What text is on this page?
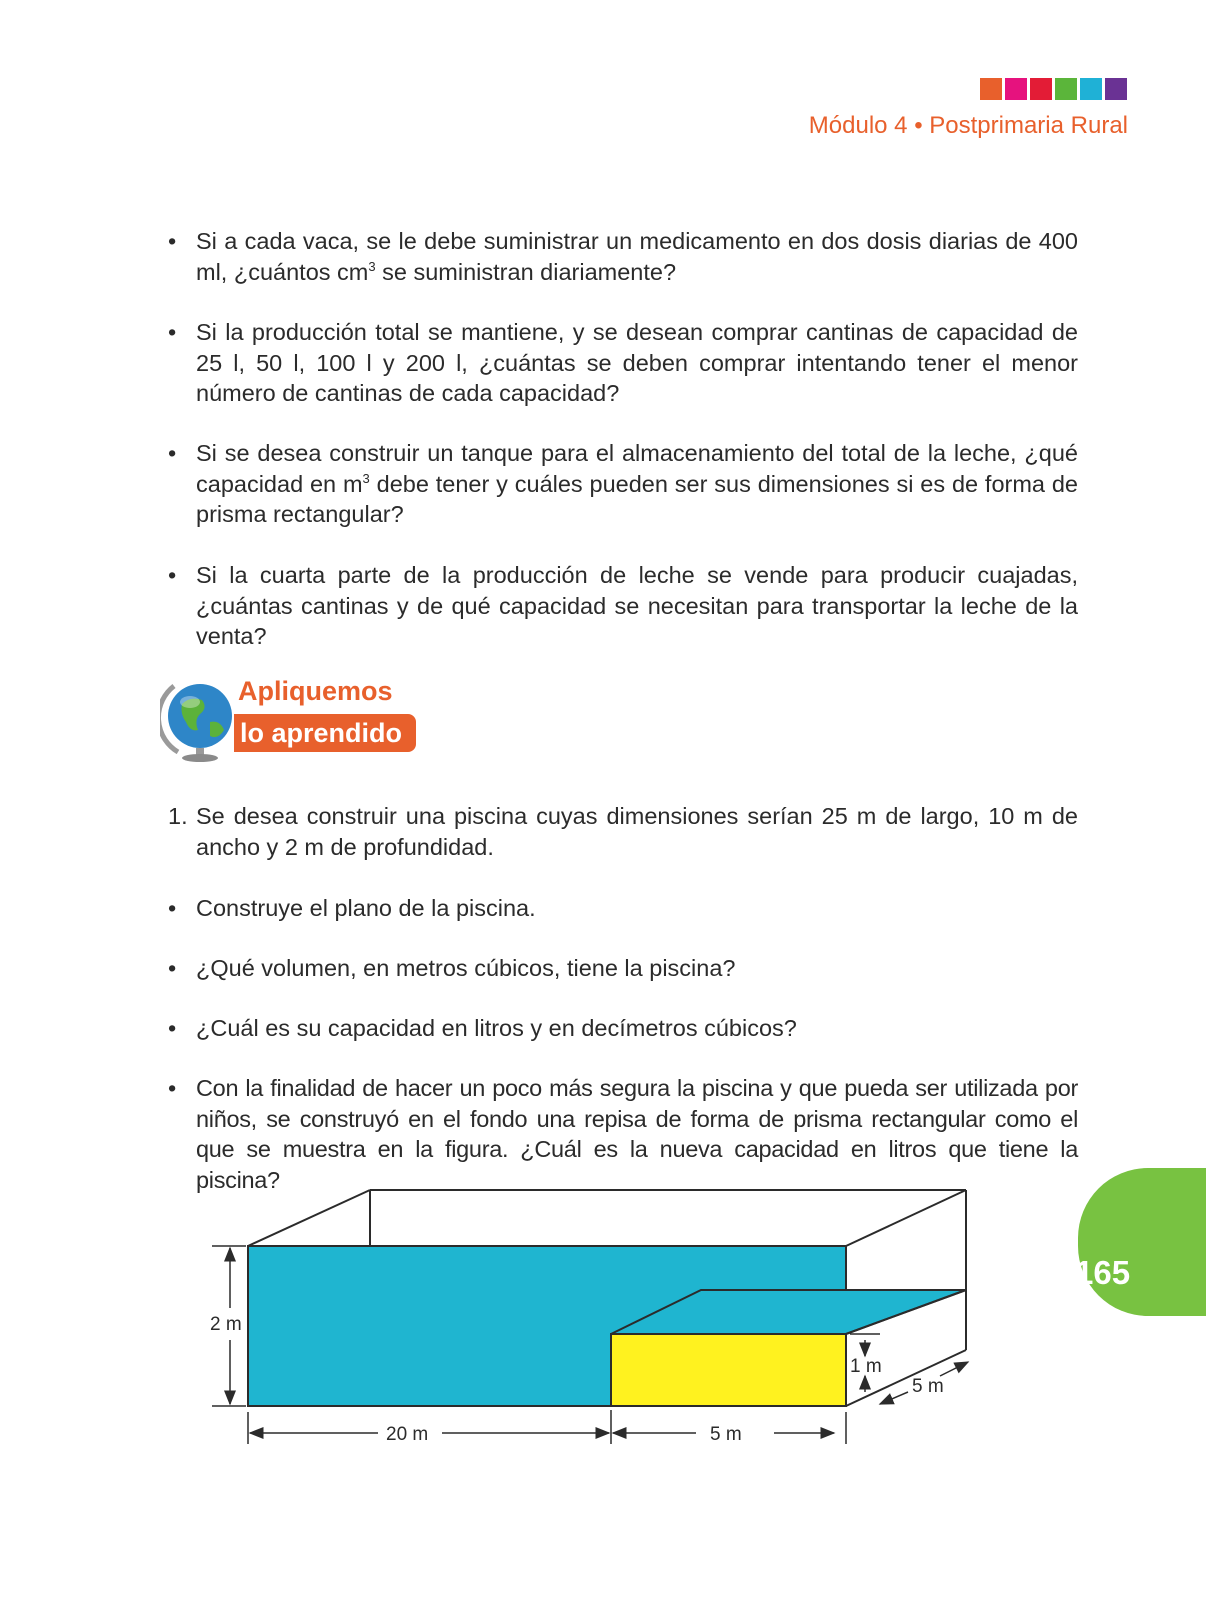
Módulo 4 • Postprimaria Rural
• Si a cada vaca, se le debe suministrar un medicamento en dos dosis diarias de 400 ml, ¿cuántos $cm^3$ se suministran diariamente?
• Si la producción total se mantiene, y se desean comprar cantinas de capacidad de 25 l, 50 l, 100 l y 200 l, ¿cuántas se deben comprar intentando tener el menor número de cantinas de cada capacidad?
• Si se desea construir un tanque para el almacenamiento del total de la leche, ¿qué capacidad en $m^3$ debe tener y cuáles pueden ser sus dimensiones si es de forma de prisma rectangular?
• Si la cuarta parte de la producción de leche se vende para producir cuajadas, ¿cuántas cantinas y de qué capacidad se necesitan para transportar la leche de la venta?
Apliquemos
lo aprendido
1. Se desea construir una piscina cuyas dimensiones serían 25 m de largo, 10 m de ancho y 2 m de profundidad.
• Construye el plano de la piscina.
• ¿Qué volumen, en metros cúbicos, tiene la piscina?
• ¿Cuál es su capacidad en litros y en decímetros cúbicos?
• Con la finalidad de hacer un poco más segura la piscina y que pueda ser utilizada por niños, se construyó en el fondo una repisa de forma de prisma rectangular como el que se muestra en la figura. ¿Cuál es la nueva capacidad en litros que tiene la piscina?
2 m
20 m	5 m
1 m
5 m
165
